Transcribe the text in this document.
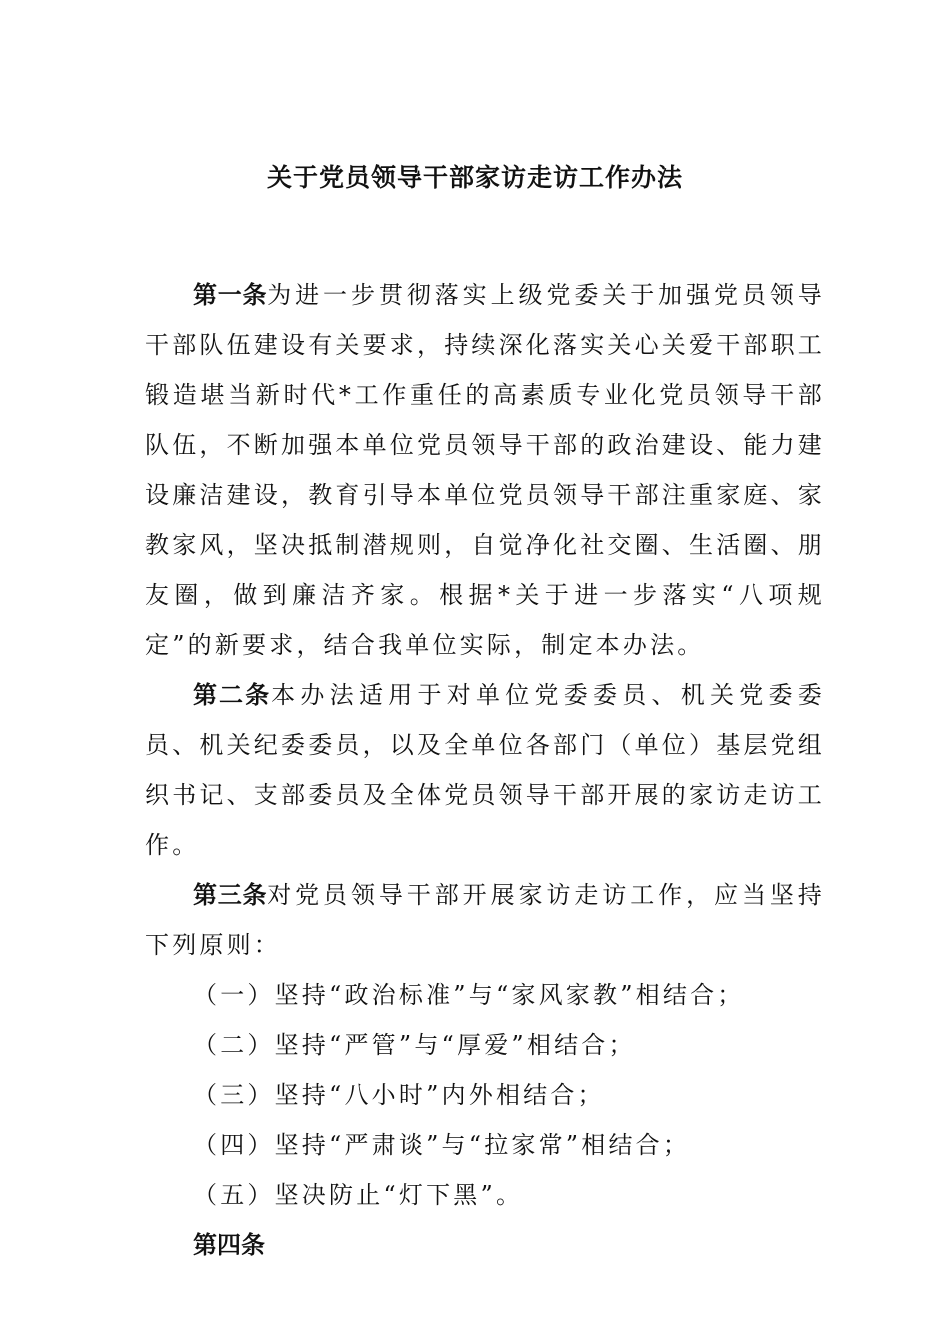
关于党员领导干部家访走访工作办法

第一条为进一步贯彻落实上级党委关于加强党员领导干部队伍建设有关要求，持续深化落实关心关爱干部职工锻造堪当新时代*工作重任的高素质专业化党员领导干部队伍，不断加强本单位党员领导干部的政治建设、能力建设廉洁建设，教育引导本单位党员领导干部注重家庭、家教家风，坚决抵制潜规则，自觉净化社交圈、生活圈、朋友圈，做到廉洁齐家。根据*关于进一步落实“八项规定”的新要求，结合我单位实际，制定本办法。

第二条本办法适用于对单位党委委员、机关党委委员、机关纪委委员，以及全单位各部门（单位）基层党组织书记、支部委员及全体党员领导干部开展的家访走访工作。

第三条对党员领导干部开展家访走访工作，应当坚持下列原则：

（一）坚持“政治标准”与“家风家教”相结合；

（二）坚持“严管”与“厚爱”相结合；

（三）坚持“八小时”内外相结合；

（四）坚持“严肃谈”与“拉家常”相结合；

（五）坚决防止“灯下黑”。

第四条
